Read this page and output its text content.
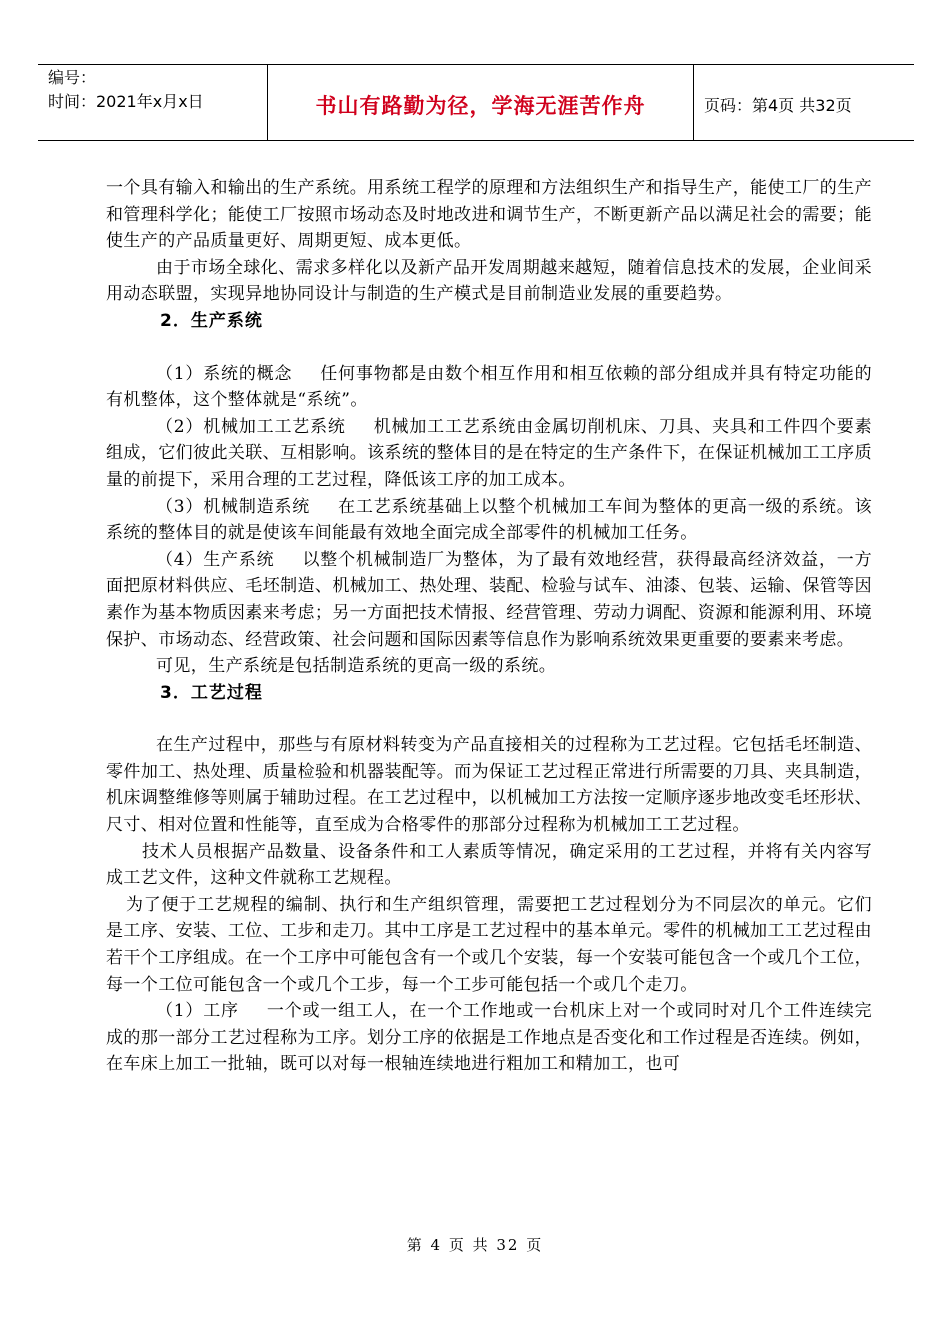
编号：
时间：2021年x月x日	书山有路勤为径，学海无涯苦作舟	页码：第4页 共32页

一个具有输入和输出的生产系统。用系统工程学的原理和方法组织生产和指导生产，能使工厂的生产和管理科学化；能使工厂按照市场动态及时地改进和调节生产，不断更新产品以满足社会的需要；能使生产的产品质量更好、周期更短、成本更低。

由于市场全球化、需求多样化以及新产品开发周期越来越短，随着信息技术的发展，企业间采用动态联盟，实现异地协同设计与制造的生产模式是目前制造业发展的重要趋势。

2．生产系统

（1）系统的概念 任何事物都是由数个相互作用和相互依赖的部分组成并具有特定功能的有机整体，这个整体就是“系统”。

（2）机械加工工艺系统 机械加工工艺系统由金属切削机床、刀具、夹具和工件四个要素组成，它们彼此关联、互相影响。该系统的整体目的是在特定的生产条件下，在保证机械加工工序质量的前提下，采用合理的工艺过程，降低该工序的加工成本。

（3）机械制造系统 在工艺系统基础上以整个机械加工车间为整体的更高一级的系统。该系统的整体目的就是使该车间能最有效地全面完成全部零件的机械加工任务。

（4）生产系统 以整个机械制造厂为整体，为了最有效地经营，获得最高经济效益，一方面把原材料供应、毛坯制造、机械加工、热处理、装配、检验与试车、油漆、包装、运输、保管等因素作为基本物质因素来考虑；另一方面把技术情报、经营管理、劳动力调配、资源和能源利用、环境保护、市场动态、经营政策、社会问题和国际因素等信息作为影响系统效果更重要的要素来考虑。

可见，生产系统是包括制造系统的更高一级的系统。

3．工艺过程

在生产过程中，那些与有原材料转变为产品直接相关的过程称为工艺过程。它包括毛坯制造、零件加工、热处理、质量检验和机器装配等。而为保证工艺过程正常进行所需要的刀具、夹具制造，机床调整维修等则属于辅助过程。在工艺过程中，以机械加工方法按一定顺序逐步地改变毛坯形状、尺寸、相对位置和性能等，直至成为合格零件的那部分过程称为机械加工工艺过程。

技术人员根据产品数量、设备条件和工人素质等情况，确定采用的工艺过程，并将有关内容写成工艺文件，这种文件就称工艺规程。

为了便于工艺规程的编制、执行和生产组织管理，需要把工艺过程划分为不同层次的单元。它们是工序、安装、工位、工步和走刀。其中工序是工艺过程中的基本单元。零件的机械加工工艺过程由若干个工序组成。在一个工序中可能包含有一个或几个安装，每一个安装可能包含一个或几个工位，每一个工位可能包含一个或几个工步，每一个工步可能包括一个或几个走刀。

（1）工序 一个或一组工人，在一个工作地或一台机床上对一个或同时对几个工件连续完成的那一部分工艺过程称为工序。划分工序的依据是工作地点是否变化和工作过程是否连续。例如，在车床上加工一批轴，既可以对每一根轴连续地进行粗加工和精加工，也可

第 4 页 共 32 页
